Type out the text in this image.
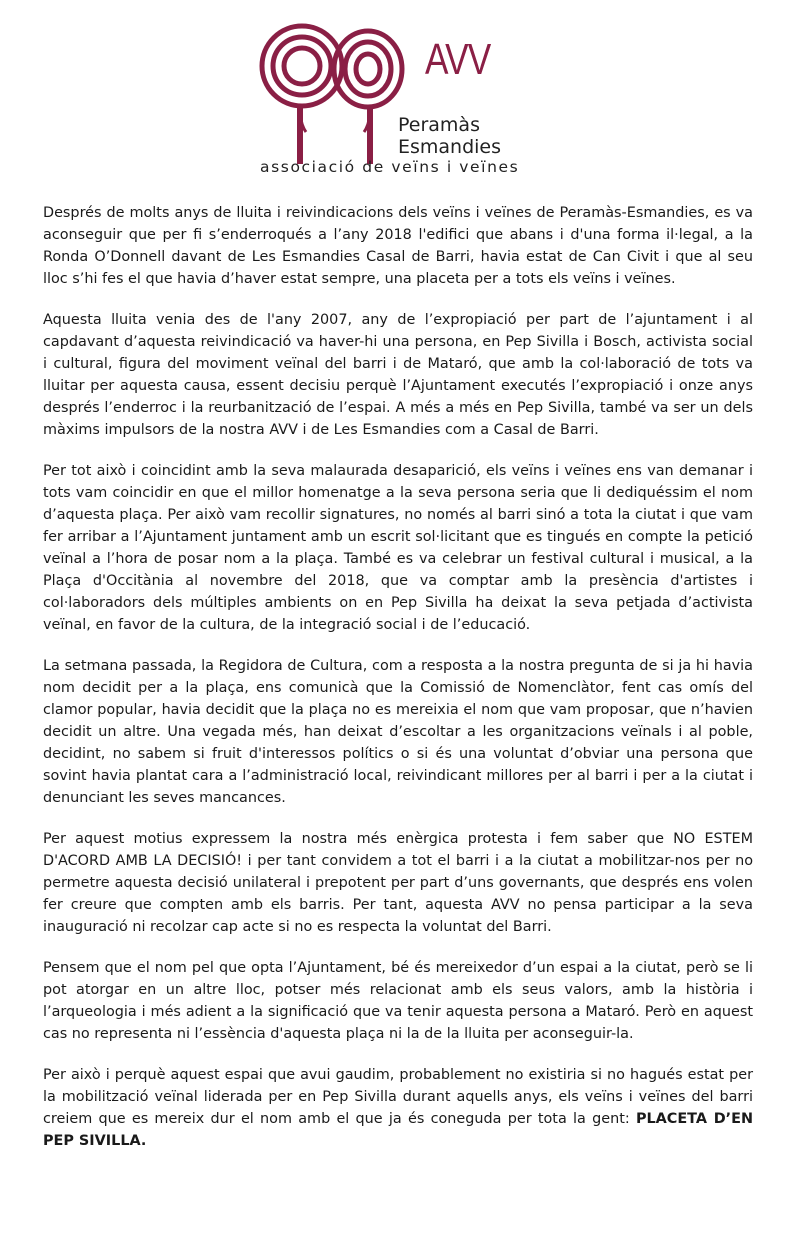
AVV
Peramàs
Esmandies
associació de veïns i veïnes

Després de molts anys de lluita i reivindicacions dels veïns i veïnes de Peramàs-Esmandies, es va aconseguir que per fi s’enderroqués a l’any 2018 l'edifici que abans i d'una forma il·legal, a la Ronda O’Donnell davant de Les Esmandies Casal de Barri, havia estat de Can Civit i que al seu lloc s’hi fes el que havia d’haver estat sempre, una placeta per a tots els veïns i veïnes.

Aquesta lluita venia des de l'any 2007, any de l’expropiació per part de l’ajuntament i al capdavant d’aquesta reivindicació va haver-hi una persona, en Pep Sivilla i Bosch, activista social i cultural, figura del moviment veïnal del barri i de Mataró, que amb la col·laboració de tots va lluitar per aquesta causa, essent decisiu perquè l’Ajuntament executés l’expropiació i onze anys després l’enderroc i la reurbanització de l’espai. A més a més en Pep Sivilla, també va ser un dels màxims impulsors de la nostra AVV i de Les Esmandies com a Casal de Barri.

Per tot això i coincidint amb la seva malaurada desaparició, els veïns i veïnes ens van demanar i tots vam coincidir en que el millor homenatge a la seva persona seria que li dediquéssim el nom d’aquesta plaça. Per això vam recollir signatures, no només al barri sinó a tota la ciutat i que vam fer arribar a l’Ajuntament juntament amb un escrit sol·licitant que es tingués en compte la petició veïnal a l’hora de posar nom a la plaça. També es va celebrar un festival cultural i musical, a la Plaça d'Occitània al novembre del 2018, que va comptar amb la presència d'artistes i col·laboradors dels múltiples ambients on en Pep Sivilla ha deixat la seva petjada d’activista veïnal, en favor de la cultura, de la integració social i de l’educació.

La setmana passada, la Regidora de Cultura, com a resposta a la nostra pregunta de si ja hi havia nom decidit per a la plaça, ens comunicà que la Comissió de Nomenclàtor, fent cas omís del clamor popular, havia decidit que la plaça no es mereixia el nom que vam proposar, que n’havien decidit un altre. Una vegada més, han deixat d’escoltar a les organitzacions veïnals i al poble, decidint, no sabem si fruit d'interessos polítics o si és una voluntat d’obviar una persona que sovint havia plantat cara a l’administració local, reivindicant millores per al barri i per a la ciutat i denunciant les seves mancances.

Per aquest motius expressem la nostra més enèrgica protesta i fem saber que NO ESTEM D'ACORD AMB LA DECISIÓ! i per tant convidem a tot el barri i a la ciutat a mobilitzar-nos per no permetre aquesta decisió unilateral i prepotent per part d’uns governants, que després ens volen fer creure que compten amb els barris. Per tant, aquesta AVV no pensa participar a la seva inauguració ni recolzar cap acte si no es respecta la voluntat del Barri.

Pensem que el nom pel que opta l’Ajuntament, bé és mereixedor d’un espai a la ciutat, però se li pot atorgar en un altre lloc, potser més relacionat amb els seus valors, amb la història i l’arqueologia i més adient a la significació que va tenir aquesta persona a Mataró. Però en aquest cas no representa ni l’essència d'aquesta plaça ni la de la lluita per aconseguir-la.

Per això i perquè aquest espai que avui gaudim, probablement no existiria si no hagués estat per la mobilització veïnal liderada per en Pep Sivilla durant aquells anys, els veïns i veïnes del barri creiem que es mereix dur el nom amb el que ja és coneguda per tota la gent: PLACETA D’EN PEP SIVILLA.
